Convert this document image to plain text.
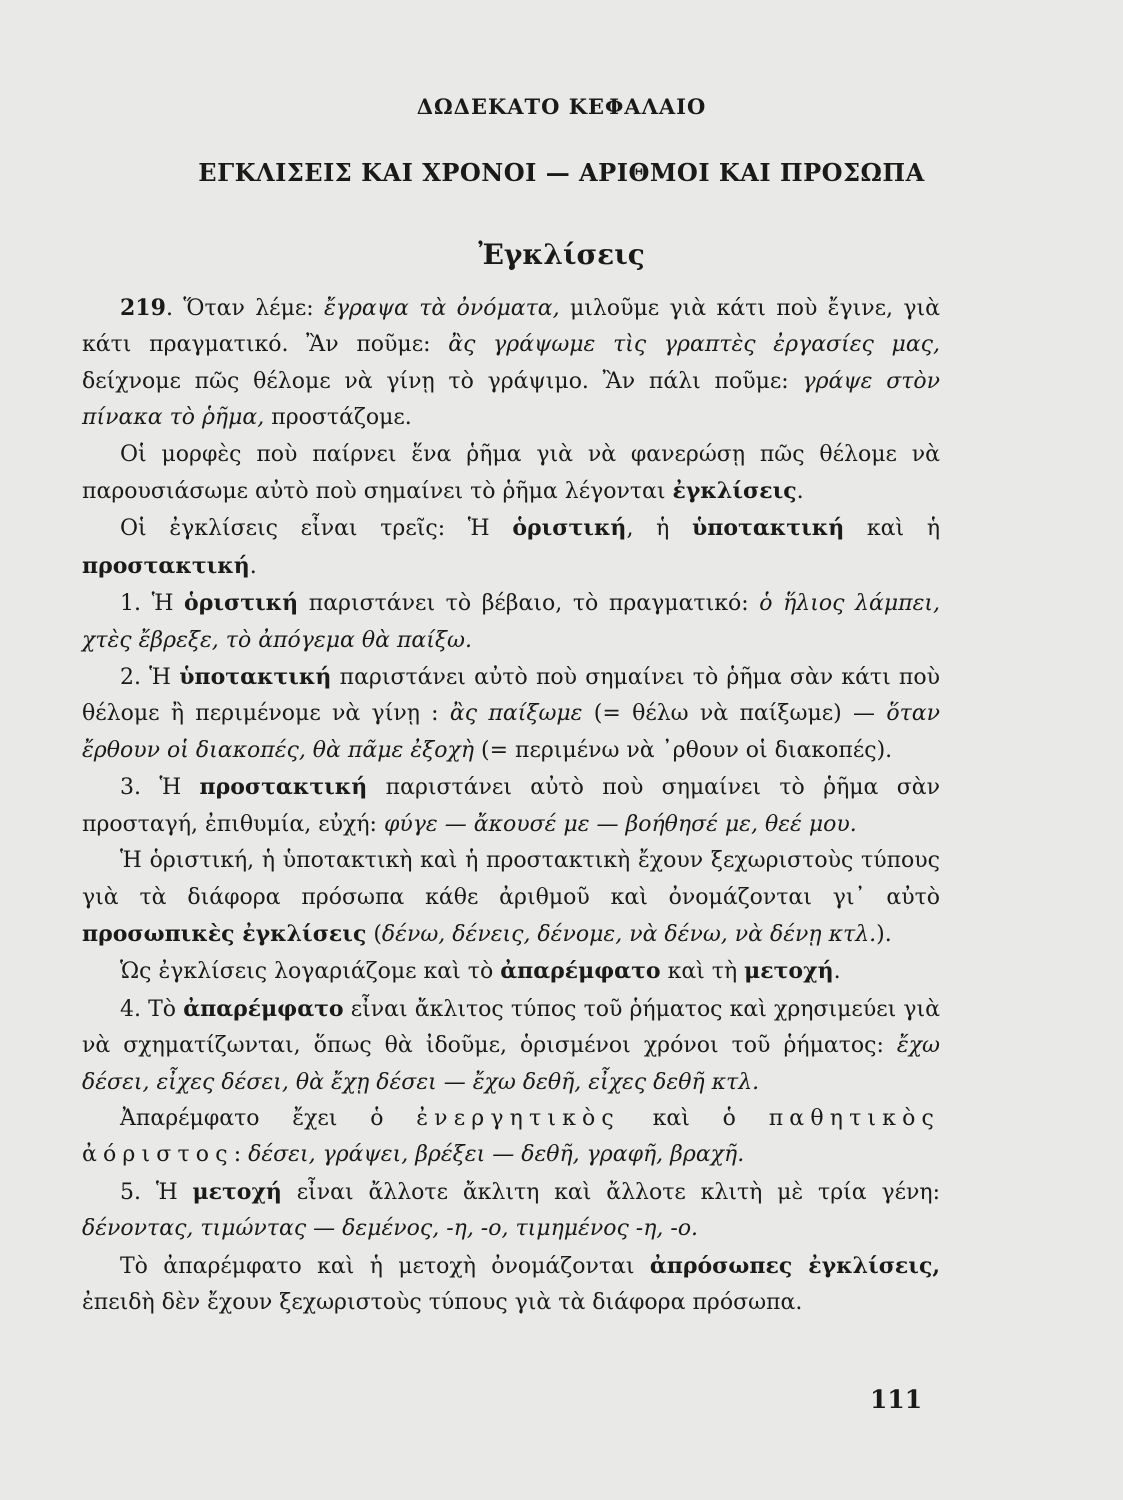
ΔΩΔΕΚΑΤΟ ΚΕΦΑΛΑΙΟ
ΕΓΚΛΙΣΕΙΣ ΚΑΙ ΧΡΟΝΟΙ — ΑΡΙΘΜΟΙ ΚΑΙ ΠΡΟΣΩΠΑ
Ἐγκλίσεις

219. Ὅταν λέμε: ἔγραψα τὰ ὀνόματα, μιλοῦμε γιὰ κάτι ποὺ ἔγινε, γιὰ κάτι πραγματικό. Ἂν ποῦμε: ἂς γράψωμε τὶς γραπτὲς ἐργασίες μας, δείχνομε πῶς θέλομε νὰ γίνῃ τὸ γράψιμο. Ἂν πάλι ποῦμε: γράψε στὸν πίνακα τὸ ῥῆμα, προστάζομε.

Οἱ μορφὲς ποὺ παίρνει ἕνα ῥῆμα γιὰ νὰ φανερώσῃ πῶς θέλομε νὰ παρουσιάσωμε αὐτὸ ποὺ σημαίνει τὸ ῥῆμα λέγονται ἐγκλίσεις.

Οἱ ἐγκλίσεις εἶναι τρεῖς: Ἡ ὁριστική, ἡ ὑποτακτική καὶ ἡ προστακτική.

1. Ἡ ὁριστική παριστάνει τὸ βέβαιο, τὸ πραγματικό: ὁ ἥλιος λάμπει, χτὲς ἔβρεξε, τὸ ἀπόγεμα θὰ παίξω.

2. Ἡ ὑποτακτική παριστάνει αὐτὸ ποὺ σημαίνει τὸ ῥῆμα σὰν κάτι ποὺ θέλομε ἢ περιμένομε νὰ γίνῃ : ἂς παίξωμε (= θέλω νὰ παίξωμε) — ὅταν ἔρθουν οἱ διακοπές, θὰ πᾶμε ἐξοχὴ (= περιμένω νὰ ᾽ρθουν οἱ διακοπές).

3. Ἡ προστακτική παριστάνει αὐτὸ ποὺ σημαίνει τὸ ῥῆμα σὰν προσταγή, ἐπιθυμία, εὐχή: φύγε — ἄκουσέ με — βοήθησέ με, θεέ μου.

Ἡ ὁριστική, ἡ ὑποτακτικὴ καὶ ἡ προστακτικὴ ἔχουν ξεχωριστοὺς τύπους γιὰ τὰ διάφορα πρόσωπα κάθε ἀριθμοῦ καὶ ὀνομάζονται γι᾽ αὐτὸ προσωπικὲς ἐγκλίσεις (δένω, δένεις, δένομε, νὰ δένω, νὰ δένῃ κτλ.).

Ὡς ἐγκλίσεις λογαριάζομε καὶ τὸ ἀπαρέμφατο καὶ τὴ μετοχή.

4. Τὸ ἀπαρέμφατο εἶναι ἄκλιτος τύπος τοῦ ῥήματος καὶ χρησιμεύει γιὰ νὰ σχηματίζωνται, ὅπως θὰ ἰδοῦμε, ὁρισμένοι χρόνοι τοῦ ῥήματος: ἔχω δέσει, εἶχες δέσει, θὰ ἔχῃ δέσει — ἔχω δεθῆ, εἶχες δεθῆ κτλ.

Ἀπαρέμφατο ἔχει ὁ ἐνεργητικὸς καὶ ὁ παθητικὸς ἀόριστος: δέσει, γράψει, βρέξει — δεθῆ, γραφῆ, βραχῆ.

5. Ἡ μετοχή εἶναι ἄλλοτε ἄκλιτη καὶ ἄλλοτε κλιτὴ μὲ τρία γένη: δένοντας, τιμώντας — δεμένος, -η, -ο, τιμημένος -η, -ο.

Τὸ ἀπαρέμφατο καὶ ἡ μετοχὴ ὀνομάζονται ἀπρόσωπες ἐγκλίσεις, ἐπειδὴ δὲν ἔχουν ξεχωριστοὺς τύπους γιὰ τὰ διάφορα πρόσωπα.

111
